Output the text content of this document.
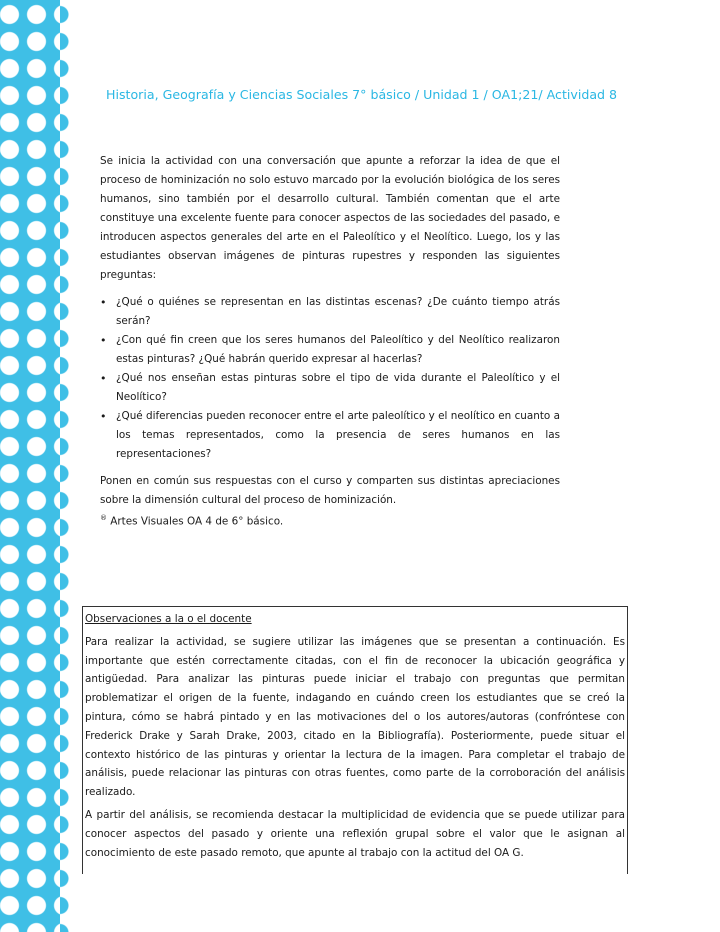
Historia, Geografía y Ciencias Sociales 7° básico / Unidad 1 / OA1;21/ Actividad 8

Se inicia la actividad con una conversación que apunte a reforzar la idea de que el proceso de hominización no solo estuvo marcado por la evolución biológica de los seres humanos, sino también por el desarrollo cultural. También comentan que el arte constituye una excelente fuente para conocer aspectos de las sociedades del pasado, e introducen aspectos generales del arte en el Paleolítico y el Neolítico. Luego, los y las estudiantes observan imágenes de pinturas rupestres y responden las siguientes preguntas:

• ¿Qué o quiénes se representan en las distintas escenas? ¿De cuánto tiempo atrás serán?
• ¿Con qué fin creen que los seres humanos del Paleolítico y del Neolítico realizaron estas pinturas? ¿Qué habrán querido expresar al hacerlas?
• ¿Qué nos enseñan estas pinturas sobre el tipo de vida durante el Paleolítico y el Neolítico?
• ¿Qué diferencias pueden reconocer entre el arte paleolítico y el neolítico en cuanto a los temas representados, como la presencia de seres humanos en las representaciones?

Ponen en común sus respuestas con el curso y comparten sus distintas apreciaciones sobre la dimensión cultural del proceso de hominización.

® Artes Visuales OA 4 de 6° básico.

Observaciones a la o el docente

Para realizar la actividad, se sugiere utilizar las imágenes que se presentan a continuación. Es importante que estén correctamente citadas, con el fin de reconocer la ubicación geográfica y antigüedad. Para analizar las pinturas puede iniciar el trabajo con preguntas que permitan problematizar el origen de la fuente, indagando en cuándo creen los estudiantes que se creó la pintura, cómo se habrá pintado y en las motivaciones del o los autores/autoras (confróntese con Frederick Drake y Sarah Drake, 2003, citado en la Bibliografía). Posteriormente, puede situar el contexto histórico de las pinturas y orientar la lectura de la imagen. Para completar el trabajo de análisis, puede relacionar las pinturas con otras fuentes, como parte de la corroboración del análisis realizado.

A partir del análisis, se recomienda destacar la multiplicidad de evidencia que se puede utilizar para conocer aspectos del pasado y oriente una reflexión grupal sobre el valor que le asignan al conocimiento de este pasado remoto, que apunte al trabajo con la actitud del OA G.
